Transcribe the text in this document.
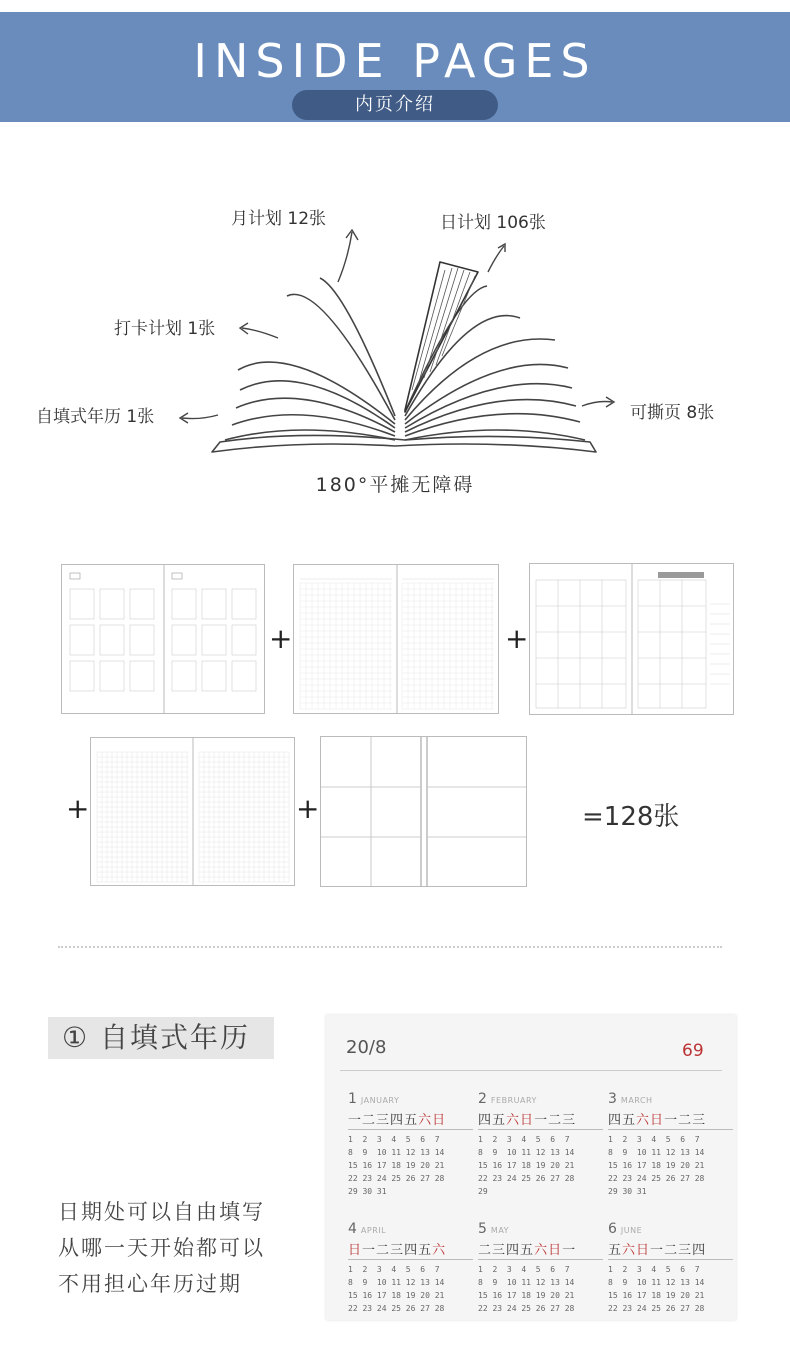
INSIDE PAGES
内页介绍
月计划 12张	日计划 106张
打卡计划 1张
自填式年历 1张	可撕页 8张
180°平摊无障碍
+	+
+	+	=128张
① 自填式年历
日期处可以自由填写
从哪一天开始都可以
不用担心年历过期
20/8	69
1 JANUARY
一二三四五六日
1  2  3  4  5  6  7
8  9  10 11 12 13 14
15 16 17 18 19 20 21
22 23 24 25 26 27 28
29 30 31
2 FEBRUARY
四五六日一二三
1  2  3  4  5  6  7
8  9  10 11 12 13 14
15 16 17 18 19 20 21
22 23 24 25 26 27 28
29
3 MARCH
四五六日一二三
1  2  3  4  5  6  7
8  9  10 11 12 13 14
15 16 17 18 19 20 21
22 23 24 25 26 27 28
29 30 31
4 APRIL
日一二三四五六
1  2  3  4  5  6  7
8  9  10 11 12 13 14
15 16 17 18 19 20 21
22 23 24 25 26 27 28
5 MAY
二三四五六日一
1  2  3  4  5  6  7
8  9  10 11 12 13 14
15 16 17 18 19 20 21
22 23 24 25 26 27 28
6 JUNE
五六日一二三四
1  2  3  4  5  6  7
8  9  10 11 12 13 14
15 16 17 18 19 20 21
22 23 24 25 26 27 28
